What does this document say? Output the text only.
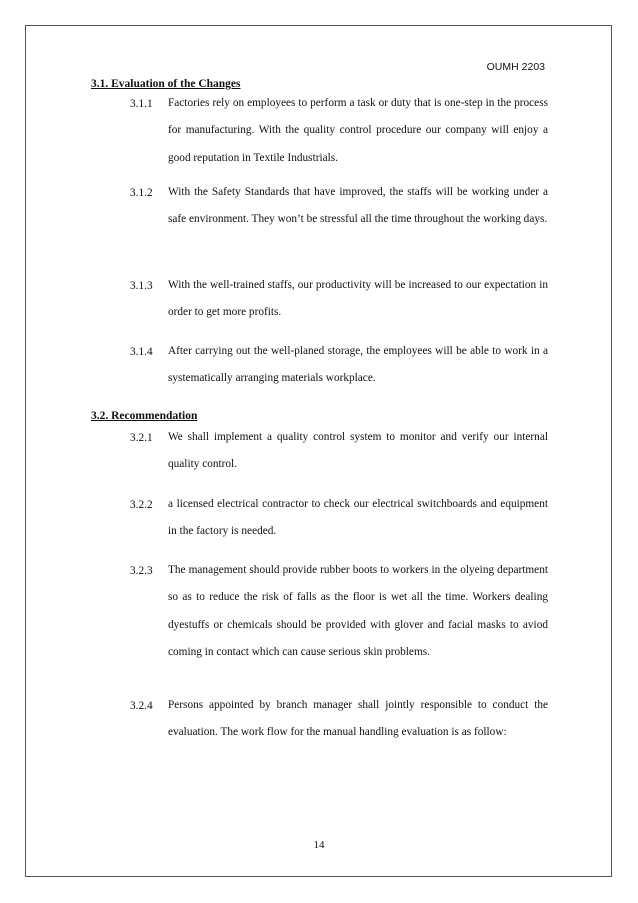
OUMH 2203
3.1. Evaluation of the Changes
3.1.1	Factories rely on employees to perform a task or duty that is one-step in the process for manufacturing. With the quality control procedure our company will enjoy a good reputation in Textile Industrials.
3.1.2	With the Safety Standards that have improved, the staffs will be working under a safe environment. They won’t be stressful all the time throughout the working days.
3.1.3	With the well-trained staffs, our productivity will be increased to our expectation in order to get more profits.
3.1.4	After carrying out the well-planed storage, the employees will be able to work in a systematically arranging materials workplace.
3.2. Recommendation
3.2.1	We shall implement a quality control system to monitor and verify our internal quality control.
3.2.2	a licensed electrical contractor to check our electrical switchboards and equipment in the factory is needed.
3.2.3	The management should provide rubber boots to workers in the olyeing department so as to reduce the risk of falls as the floor is wet all the time. Workers dealing dyestuffs or chemicals should be provided with glover and facial masks to aviod coming in contact which can cause serious skin problems.
3.2.4	Persons appointed by branch manager shall jointly responsible to conduct the evaluation. The work flow for the manual handling evaluation is as follow:
14
